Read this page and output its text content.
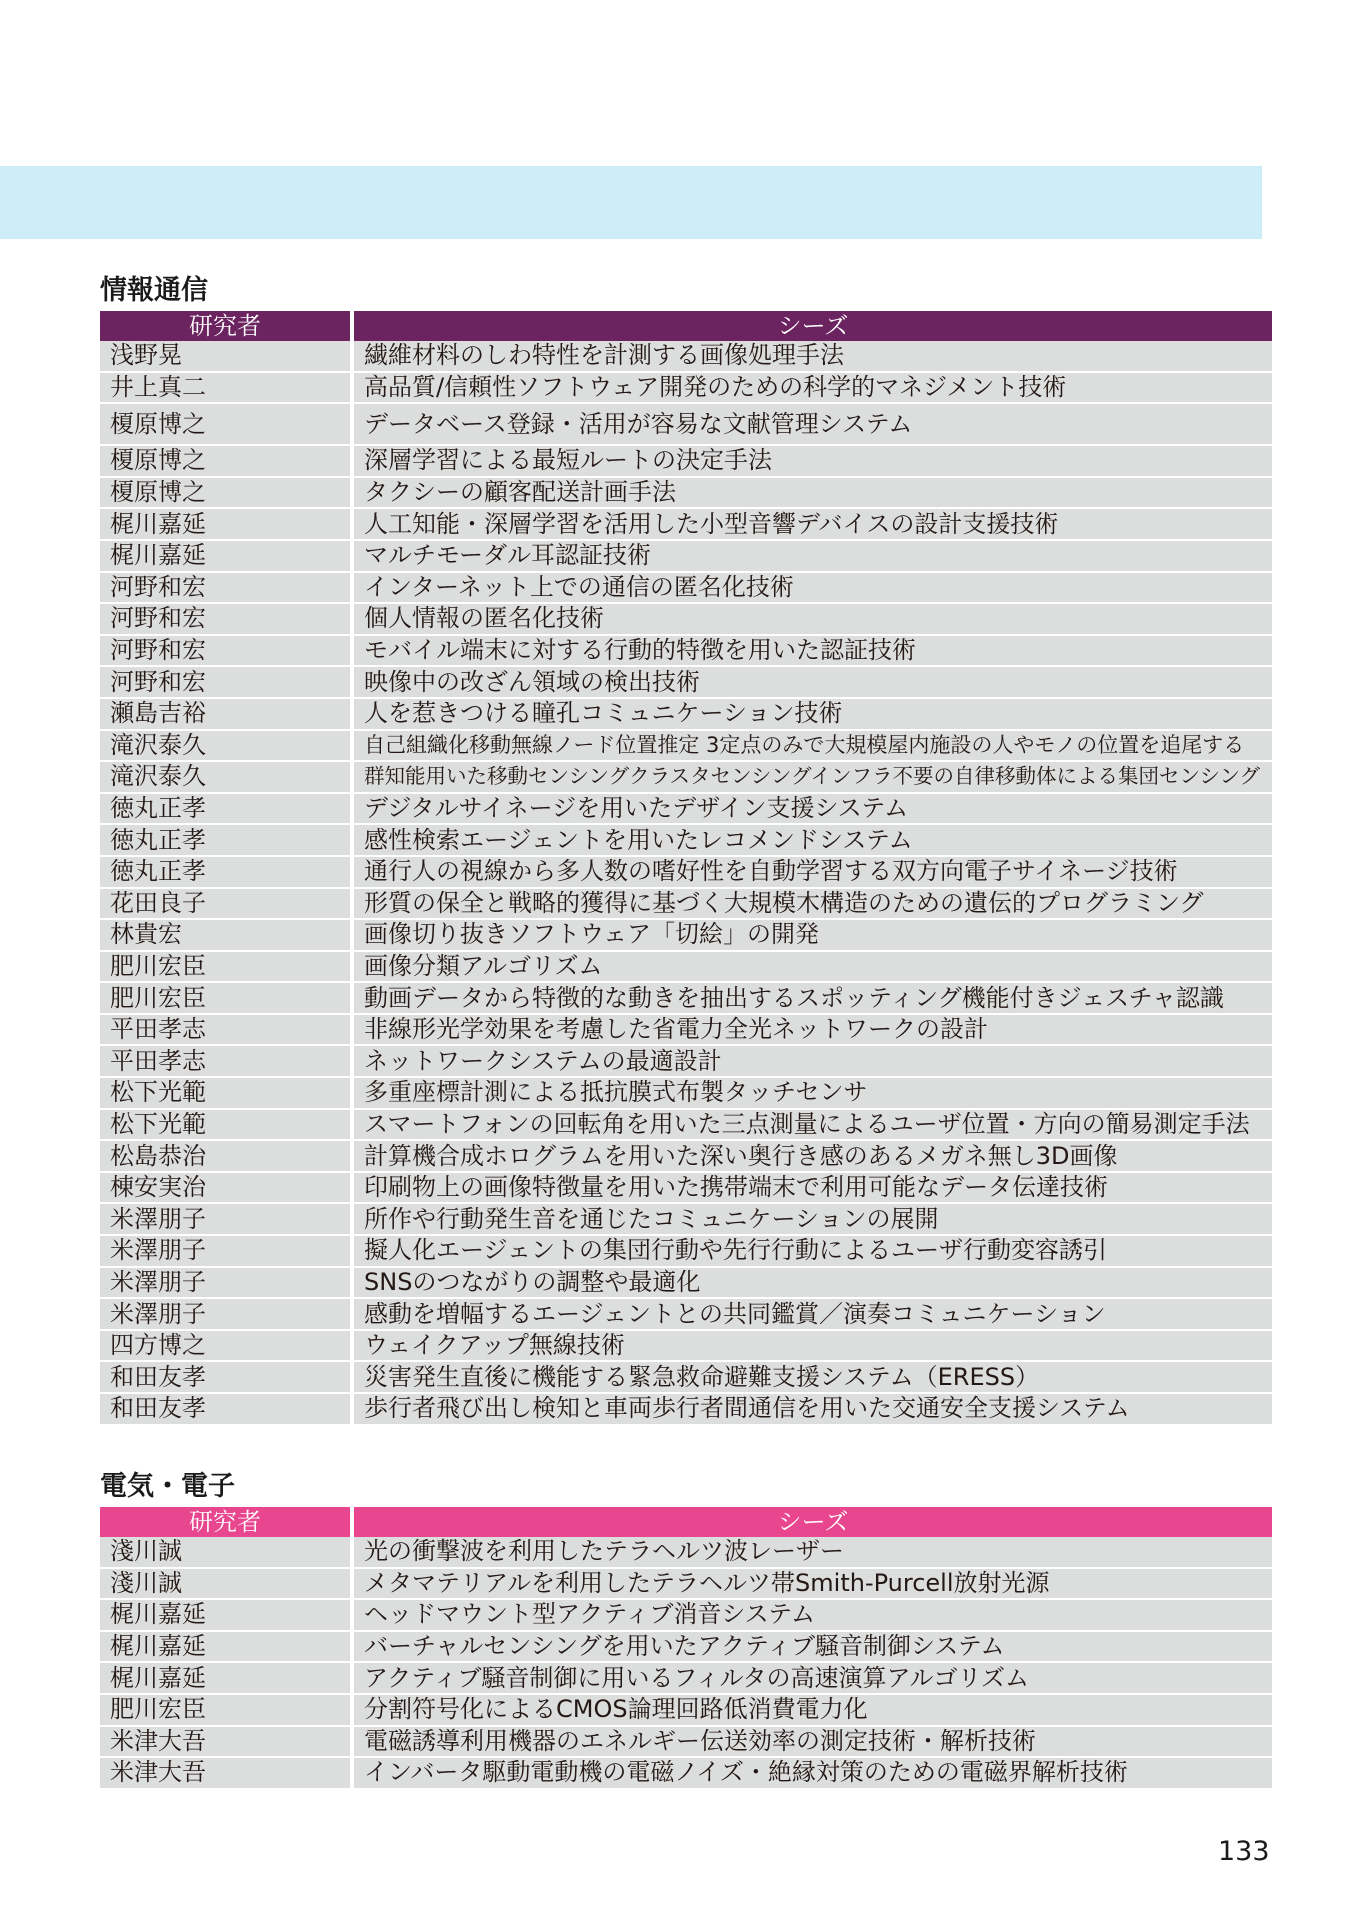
情報通信
研究者	シーズ
浅野晃	繊維材料のしわ特性を計測する画像処理手法
井上真二	高品質/信頼性ソフトウェア開発のための科学的マネジメント技術
榎原博之	データベース登録・活用が容易な文献管理システム
榎原博之	深層学習による最短ルートの決定手法
榎原博之	タクシーの顧客配送計画手法
梶川嘉延	人工知能・深層学習を活用した小型音響デバイスの設計支援技術
梶川嘉延	マルチモーダル耳認証技術
河野和宏	インターネット上での通信の匿名化技術
河野和宏	個人情報の匿名化技術
河野和宏	モバイル端末に対する行動的特徴を用いた認証技術
河野和宏	映像中の改ざん領域の検出技術
瀬島吉裕	人を惹きつける瞳孔コミュニケーション技術
滝沢泰久	自己組織化移動無線ノード位置推定 3定点のみで大規模屋内施設の人やモノの位置を追尾する
滝沢泰久	群知能用いた移動センシングクラスタセンシングインフラ不要の自律移動体による集団センシング
徳丸正孝	デジタルサイネージを用いたデザイン支援システム
徳丸正孝	感性検索エージェントを用いたレコメンドシステム
徳丸正孝	通行人の視線から多人数の嗜好性を自動学習する双方向電子サイネージ技術
花田良子	形質の保全と戦略的獲得に基づく大規模木構造のための遺伝的プログラミング
林貴宏	画像切り抜きソフトウェア「切絵」の開発
肥川宏臣	画像分類アルゴリズム
肥川宏臣	動画データから特徴的な動きを抽出するスポッティング機能付きジェスチャ認識
平田孝志	非線形光学効果を考慮した省電力全光ネットワークの設計
平田孝志	ネットワークシステムの最適設計
松下光範	多重座標計測による抵抗膜式布製タッチセンサ
松下光範	スマートフォンの回転角を用いた三点測量によるユーザ位置・方向の簡易測定手法
松島恭治	計算機合成ホログラムを用いた深い奥行き感のあるメガネ無し3D画像
棟安実治	印刷物上の画像特徴量を用いた携帯端末で利用可能なデータ伝達技術
米澤朋子	所作や行動発生音を通じたコミュニケーションの展開
米澤朋子	擬人化エージェントの集団行動や先行行動によるユーザ行動変容誘引
米澤朋子	SNSのつながりの調整や最適化
米澤朋子	感動を増幅するエージェントとの共同鑑賞／演奏コミュニケーション
四方博之	ウェイクアップ無線技術
和田友孝	災害発生直後に機能する緊急救命避難支援システム（ERESS）
和田友孝	歩行者飛び出し検知と車両歩行者間通信を用いた交通安全支援システム
電気・電子
研究者	シーズ
淺川誠	光の衝撃波を利用したテラヘルツ波レーザー
淺川誠	メタマテリアルを利用したテラヘルツ帯Smith-Purcell放射光源
梶川嘉延	ヘッドマウント型アクティブ消音システム
梶川嘉延	バーチャルセンシングを用いたアクティブ騒音制御システム
梶川嘉延	アクティブ騒音制御に用いるフィルタの高速演算アルゴリズム
肥川宏臣	分割符号化によるCMOS論理回路低消費電力化
米津大吾	電磁誘導利用機器のエネルギー伝送効率の測定技術・解析技術
米津大吾	インバータ駆動電動機の電磁ノイズ・絶縁対策のための電磁界解析技術
133
